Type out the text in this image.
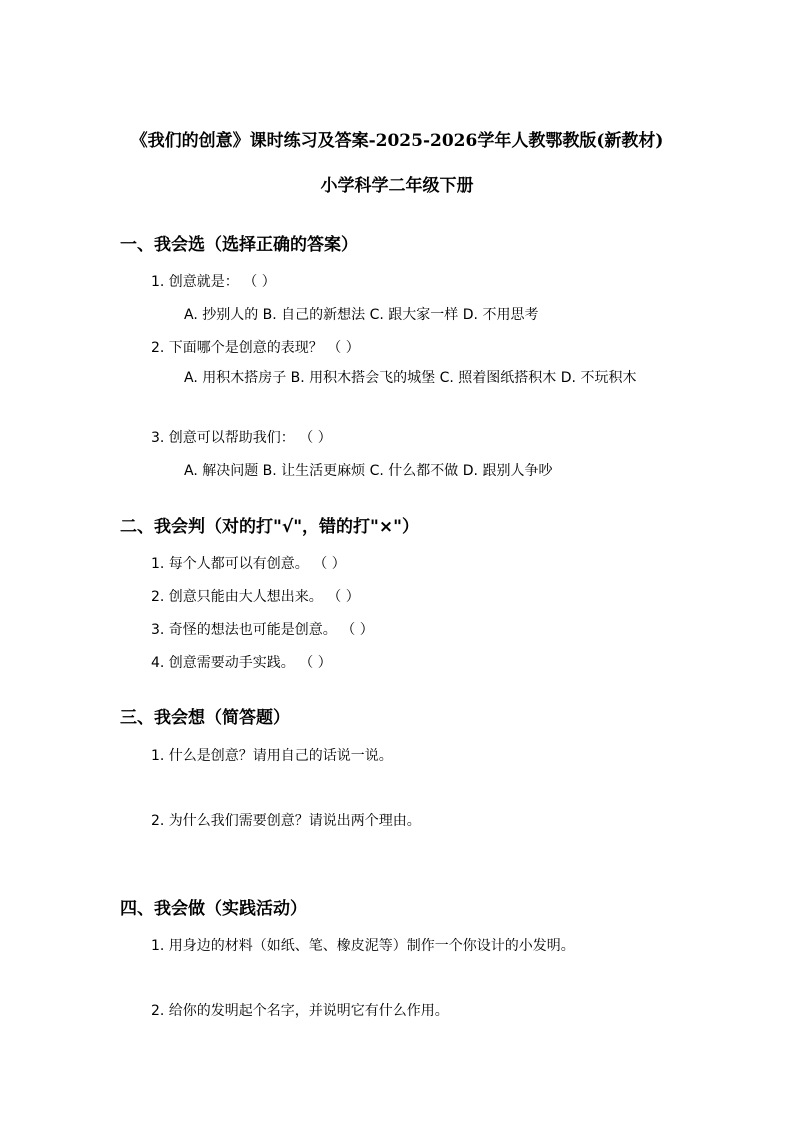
《我们的创意》课时练习及答案-2025-2026学年人教鄂教版(新教材)
小学科学二年级下册
一、我会选（选择正确的答案）
1. 创意就是： （ ）
A. 抄别人的 B. 自己的新想法 C. 跟大家一样 D. 不用思考
2. 下面哪个是创意的表现？ （ ）
A. 用积木搭房子 B. 用积木搭会飞的城堡 C. 照着图纸搭积木 D. 不玩积木
3. 创意可以帮助我们： （ ）
A. 解决问题 B. 让生活更麻烦 C. 什么都不做 D. 跟别人争吵
二、我会判（对的打"√"，错的打"×"）
1. 每个人都可以有创意。 （ ）
2. 创意只能由大人想出来。 （ ）
3. 奇怪的想法也可能是创意。 （ ）
4. 创意需要动手实践。 （ ）
三、我会想（简答题）
1. 什么是创意？请用自己的话说一说。
2. 为什么我们需要创意？请说出两个理由。
四、我会做（实践活动）
1. 用身边的材料（如纸、笔、橡皮泥等）制作一个你设计的小发明。
2. 给你的发明起个名字，并说明它有什么作用。
